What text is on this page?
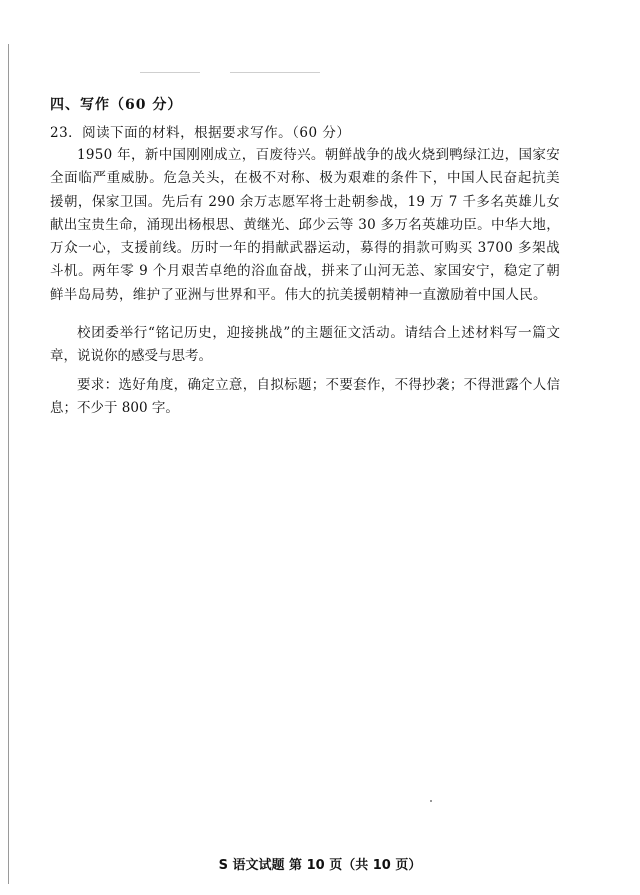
四、写作（60 分）
23．阅读下面的材料，根据要求写作。（60 分）

1950 年，新中国刚刚成立，百废待兴。朝鲜战争的战火烧到鸭绿江边，国家安全面临严重威胁。危急关头，在极不对称、极为艰难的条件下，中国人民奋起抗美援朝，保家卫国。先后有 290 余万志愿军将士赴朝参战，19 万 7 千多名英雄儿女献出宝贵生命，涌现出杨根思、黄继光、邱少云等 30 多万名英雄功臣。中华大地，万众一心，支援前线。历时一年的捐献武器运动，募得的捐款可购买 3700 多架战斗机。两年零 9 个月艰苦卓绝的浴血奋战，拼来了山河无恙、家国安宁，稳定了朝鲜半岛局势，维护了亚洲与世界和平。伟大的抗美援朝精神一直激励着中国人民。

校团委举行“铭记历史，迎接挑战”的主题征文活动。请结合上述材料写一篇文章，说说你的感受与思考。

要求：选好角度，确定立意，自拟标题；不要套作，不得抄袭；不得泄露个人信息；不少于 800 字。

S 语文试题 第 10 页（共 10 页）
